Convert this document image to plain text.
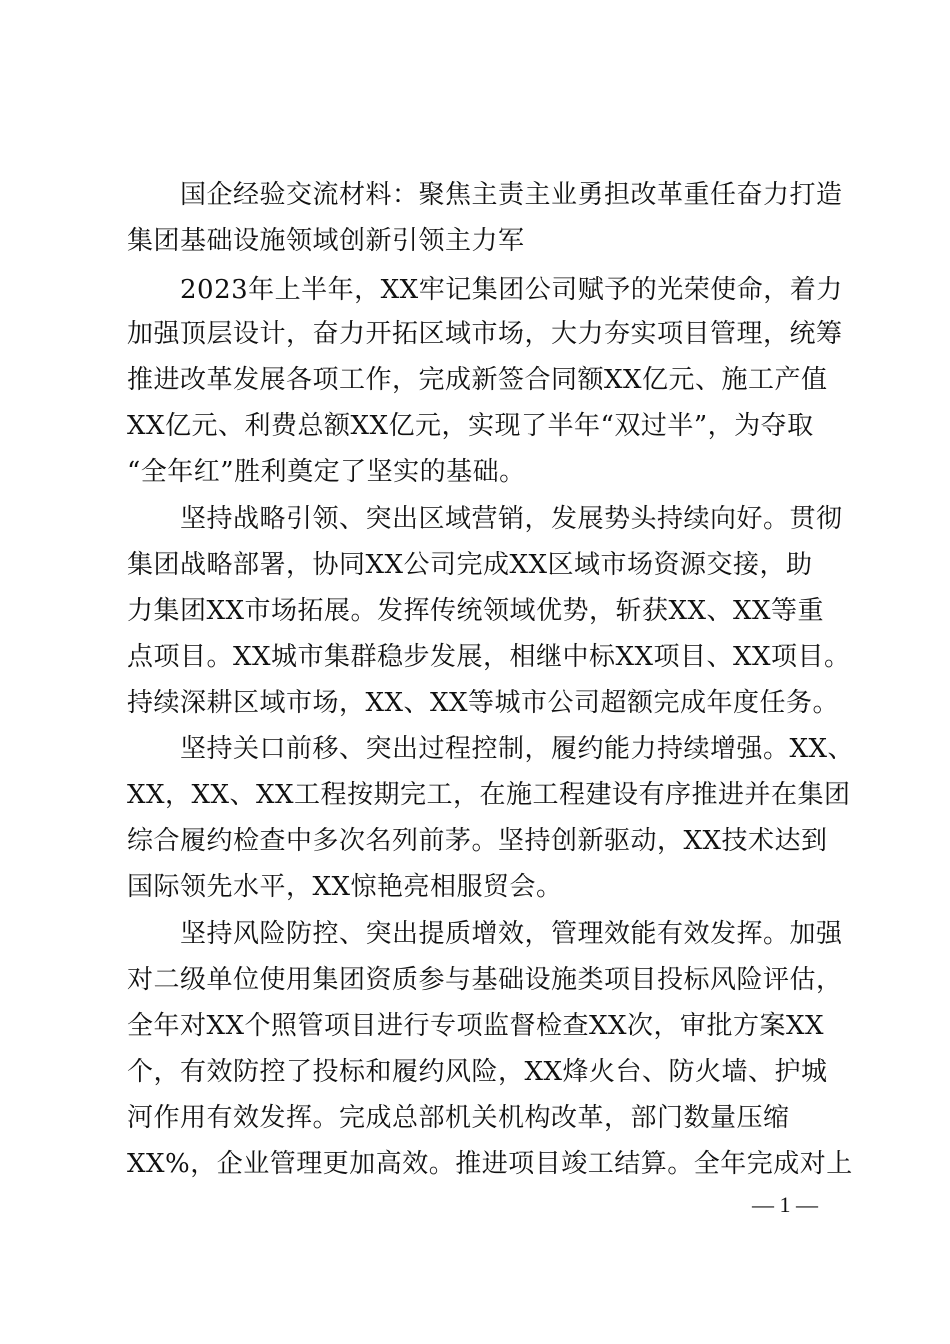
国企经验交流材料：聚焦主责主业勇担改革重任奋力打造
集团基础设施领域创新引领主力军
2023年上半年，XX牢记集团公司赋予的光荣使命，着力
加强顶层设计，奋力开拓区域市场，大力夯实项目管理，统筹
推进改革发展各项工作，完成新签合同额XX亿元、施工产值
XX亿元、利费总额XX亿元，实现了半年“双过半”，为夺取
“全年红”胜利奠定了坚实的基础。
坚持战略引领、突出区域营销，发展势头持续向好。贯彻
集团战略部署，协同XX公司完成XX区域市场资源交接，助
力集团XX市场拓展。发挥传统领域优势，斩获XX、XX等重
点项目。XX城市集群稳步发展，相继中标XX项目、XX项目。
持续深耕区域市场，XX、XX等城市公司超额完成年度任务。
坚持关口前移、突出过程控制，履约能力持续增强。XX、
XX，XX、XX工程按期完工，在施工程建设有序推进并在集团
综合履约检查中多次名列前茅。坚持创新驱动，XX技术达到
国际领先水平，XX惊艳亮相服贸会。
坚持风险防控、突出提质增效，管理效能有效发挥。加强
对二级单位使用集团资质参与基础设施类项目投标风险评估，
全年对XX个照管项目进行专项监督检查XX次，审批方案XX
个，有效防控了投标和履约风险，XX烽火台、防火墙、护城
河作用有效发挥。完成总部机关机构改革，部门数量压缩
XX%，企业管理更加高效。推进项目竣工结算。全年完成对上
— 1 —
